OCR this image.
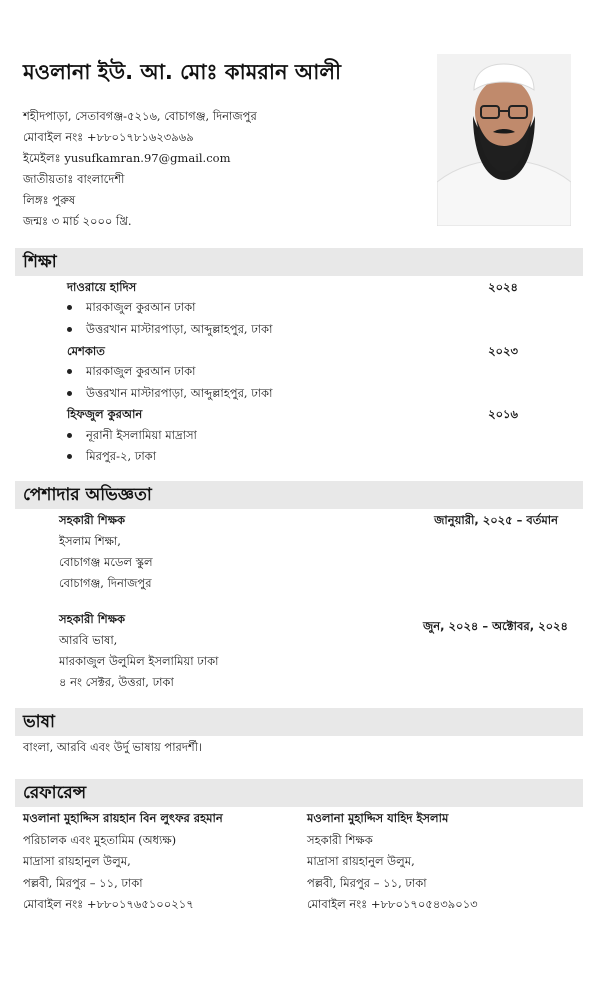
মওলানা ইউ. আ. মোঃ কামরান আলী
শহীদপাড়া, সেতাবগঞ্জ-৫২১৬, বোচাগঞ্জ, দিনাজপুর
মোবাইল নংঃ +৮৮০১৭৮১৬২৩৯৬৯
ইমেইলঃ yusufkamran.97@gmail.com
জাতীয়তাঃ বাংলাদেশী
লিঙ্গঃ পুরুষ
জন্মঃ ৩ মার্চ ২০০০ খ্রি.
শিক্ষা
দাওরায়ে হাদিস	২০২৪
মারকাজুল কুরআন ঢাকা
উত্তরখান মাস্টারপাড়া, আব্দুল্লাহপুর, ঢাকা
মেশকাত	২০২৩
মারকাজুল কুরআন ঢাকা
উত্তরখান মাস্টারপাড়া, আব্দুল্লাহপুর, ঢাকা
হিফজুল কুরআন	২০১৬
নূরানী ইসলামিয়া মাদ্রাসা
মিরপুর-২, ঢাকা
পেশাদার অভিজ্ঞতা
সহকারী শিক্ষক	জানুয়ারী, ২০২৫ – বর্তমান
ইসলাম শিক্ষা,
বোচাগঞ্জ মডেল স্কুল
বোচাগঞ্জ, দিনাজপুর
সহকারী শিক্ষক	জুন, ২০২৪ – অক্টোবর, ২০২৪
আরবি ভাষা,
মারকাজুল উলুমিল ইসলামিয়া ঢাকা
৪ নং সেক্টর, উত্তরা, ঢাকা
ভাষা
বাংলা, আরবি এবং উর্দু ভাষায় পারদর্শী।
রেফারেন্স
মওলানা মুহাদ্দিস রায়হান বিন লুৎফর রহমান
পরিচালক এবং মুহতামিম (অধ্যক্ষ)
মাদ্রাসা রায়হানুল উলুম,
পল্লবী, মিরপুর – ১১, ঢাকা
মোবাইল নংঃ +৮৮০১৭৬৫১০০২১৭
মওলানা মুহাদ্দিস যাহিদ ইসলাম
সহকারী শিক্ষক
মাদ্রাসা রায়হানুল উলুম,
পল্লবী, মিরপুর – ১১, ঢাকা
মোবাইল নংঃ +৮৮০১৭০৫৪৩৯০১৩
